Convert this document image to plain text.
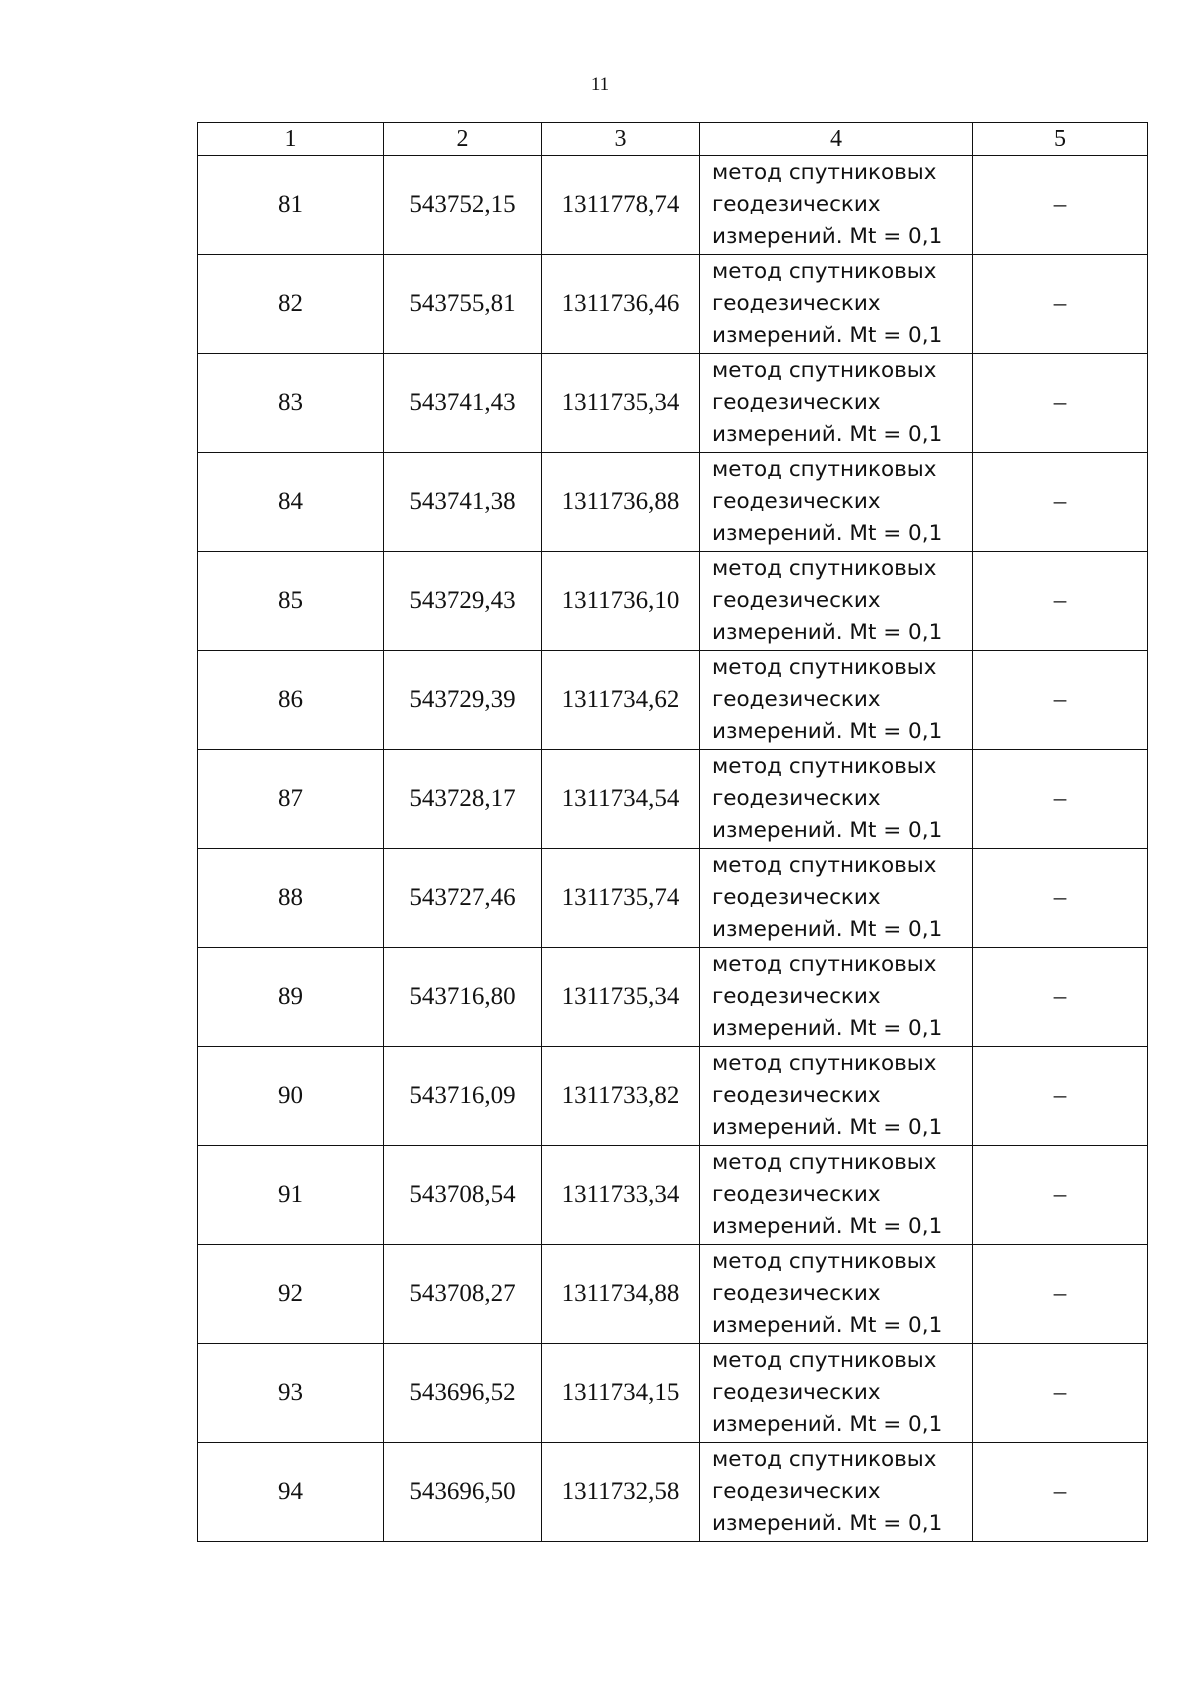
11
1	2	3	4	5
81	543752,15	1311778,74	метод спутниковых
геодезических
измерений. Mt = 0,1	–
82	543755,81	1311736,46	метод спутниковых
геодезических
измерений. Mt = 0,1	–
83	543741,43	1311735,34	метод спутниковых
геодезических
измерений. Mt = 0,1	–
84	543741,38	1311736,88	метод спутниковых
геодезических
измерений. Mt = 0,1	–
85	543729,43	1311736,10	метод спутниковых
геодезических
измерений. Mt = 0,1	–
86	543729,39	1311734,62	метод спутниковых
геодезических
измерений. Mt = 0,1	–
87	543728,17	1311734,54	метод спутниковых
геодезических
измерений. Mt = 0,1	–
88	543727,46	1311735,74	метод спутниковых
геодезических
измерений. Mt = 0,1	–
89	543716,80	1311735,34	метод спутниковых
геодезических
измерений. Mt = 0,1	–
90	543716,09	1311733,82	метод спутниковых
геодезических
измерений. Mt = 0,1	–
91	543708,54	1311733,34	метод спутниковых
геодезических
измерений. Mt = 0,1	–
92	543708,27	1311734,88	метод спутниковых
геодезических
измерений. Mt = 0,1	–
93	543696,52	1311734,15	метод спутниковых
геодезических
измерений. Mt = 0,1	–
94	543696,50	1311732,58	метод спутниковых
геодезических
измерений. Mt = 0,1	–
